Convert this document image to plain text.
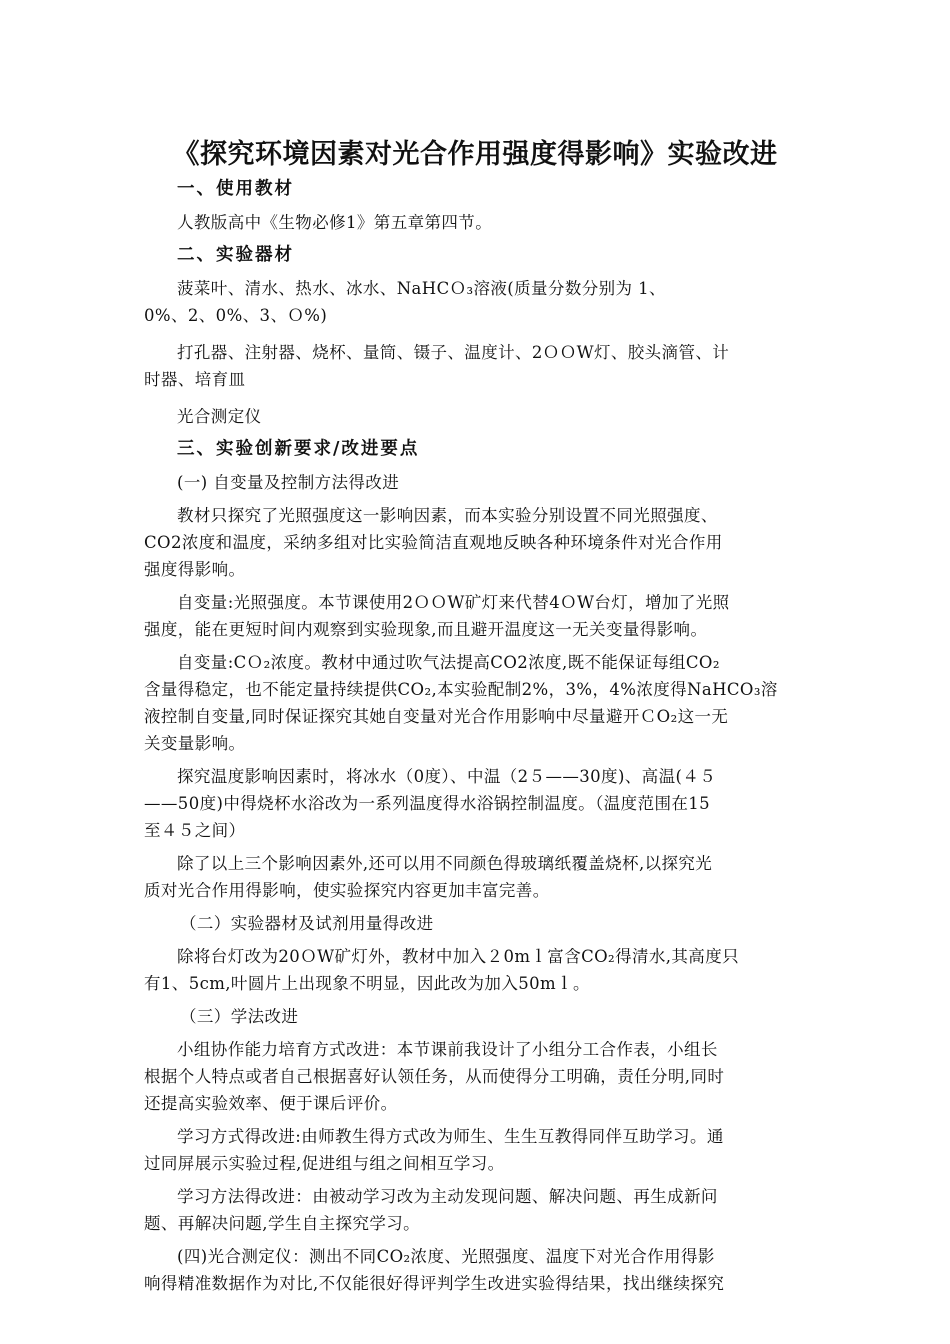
《探究环境因素对光合作用强度得影响》实验改进
一、使用教材
人教版高中《生物必修1》第五章第四节。
二、实验器材
菠菜叶、清水、热水、冰水、NaHCＯ₃溶液(质量分数分别为 1、
0%、2、0%、3、Ｏ%)
打孔器、注射器、烧杯、量筒、镊子、温度计、2ＯＯW灯、胶头滴管、计
时器、培育皿
光合测定仪
三、实验创新要求/改进要点
(一) 自变量及控制方法得改进
教材只探究了光照强度这一影响因素，而本实验分别设置不同光照强度、
CO2浓度和温度，采纳多组对比实验简洁直观地反映各种环境条件对光合作用
强度得影响。
自变量:光照强度。本节课使用2ＯＯW矿灯来代替4ＯW台灯，增加了光照
强度，能在更短时间内观察到实验现象,而且避开温度这一无关变量得影响。
自变量:CＯ₂浓度。教材中通过吹气法提高CO2浓度,既不能保证每组CO₂
含量得稳定，也不能定量持续提供CO₂,本实验配制2%，3%，4%浓度得NaHCO₃溶
液控制自变量,同时保证探究其她自变量对光合作用影响中尽量避开ＣO₂这一无
关变量影响。
探究温度影响因素时，将冰水（0度）、中温（2５——30度)、高温(４５
——50度)中得烧杯水浴改为一系列温度得水浴锅控制温度。（温度范围在15
至４５之间）
除了以上三个影响因素外,还可以用不同颜色得玻璃纸覆盖烧杯,以探究光
质对光合作用得影响，使实验探究内容更加丰富完善。
（二）实验器材及试剂用量得改进
除将台灯改为20ＯW矿灯外，教材中加入２0mｌ富含CO₂得清水,其高度只
有1、5cm,叶圆片上出现象不明显，因此改为加入50mｌ。
（三）学法改进
小组协作能力培育方式改进：本节课前我设计了小组分工合作表，小组长
根据个人特点或者自己根据喜好认领任务，从而使得分工明确，责任分明,同时
还提高实验效率、便于课后评价。
学习方式得改进:由师教生得方式改为师生、生生互教得同伴互助学习。通
过同屏展示实验过程,促进组与组之间相互学习。
学习方法得改进：由被动学习改为主动发现问题、解决问题、再生成新问
题、再解决问题,学生自主探究学习。
(四)光合测定仪：测出不同CO₂浓度、光照强度、温度下对光合作用得影
响得精准数据作为对比,不仅能很好得评判学生改进实验得结果，找出继续探究
